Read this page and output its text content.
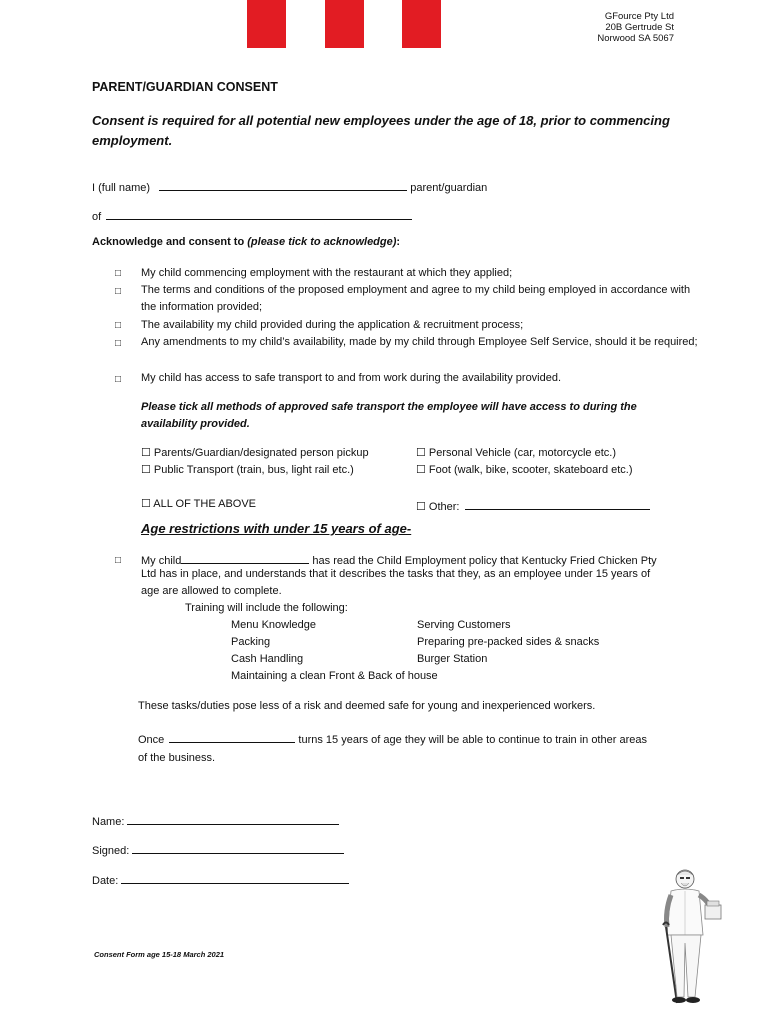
GFource Pty Ltd
20B Gertrude St
Norwood SA 5067
PARENT/GUARDIAN CONSENT
Consent is required for all potential new employees under the age of 18, prior to commencing employment.
I (full name)	parent/guardian
of
Acknowledge and consent to (please tick to acknowledge):
□ My child commencing employment with the restaurant at which they applied;
□ The terms and conditions of the proposed employment and agree to my child being employed in accordance with the information provided;
□ The availability my child provided during the application & recruitment process;
□ Any amendments to my child’s availability, made by my child through Employee Self Service, should it be required;
□ My child has access to safe transport to and from work during the availability provided.
Please tick all methods of approved safe transport the employee will have access to during the availability provided.
☐ Parents/Guardian/designated person pickup	☐ Personal Vehicle (car, motorcycle etc.)
☐ Public Transport (train, bus, light rail etc.)	☐ Foot (walk, bike, scooter, skateboard etc.)
☐ ALL OF THE ABOVE	☐ Other:
Age restrictions with under 15 years of age-
□ My child	has read the Child Employment policy that Kentucky Fried Chicken Pty
Ltd has in place, and understands that it describes the tasks that they, as an employee under 15 years of
age are allowed to complete.
Training will include the following:
Menu Knowledge	Serving Customers
Packing	Preparing pre-packed sides & snacks
Cash Handling	Burger Station
Maintaining a clean Front & Back of house
These tasks/duties pose less of a risk and deemed safe for young and inexperienced workers.
Once	turns 15 years of age they will be able to continue to train in other areas
of the business.
Name:
Signed:
Date:
Consent Form age 15-18 March 2021
